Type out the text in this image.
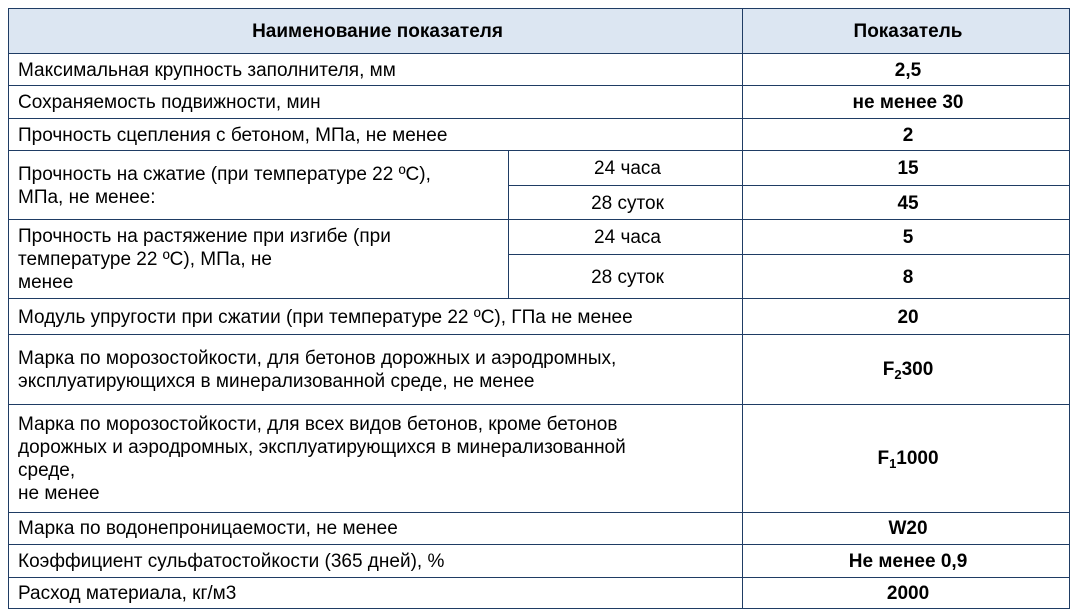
Наименование показателя		Показатель
Максимальная крупность заполнителя, мм		2,5
Сохраняемость подвижности, мин		не менее 30
Прочность сцепления с бетоном, МПа, не менее		2
Прочность на сжатие (при температуре 22 ºС),
МПа, не менее:	24 часа	15
	28 суток	45
Прочность на растяжение при изгибе (при
температуре 22 ºС), МПа, не
менее	24 часа	5
	28 суток	8
Модуль упругости при сжатии (при температуре 22 ºС), ГПа не менее		20
Марка по морозостойкости, для бетонов дорожных и аэродромных,
эксплуатирующихся в минерализованной среде, не менее		$F_2300$
Марка по морозостойкости, для всех видов бетонов, кроме бетонов
дорожных и аэродромных, эксплуатирующихся в минерализованной
среде,
не менее		$F_11000$
Марка по водонепроницаемости, не менее		W20
Коэффициент сульфатостойкости (365 дней), %		Не менее 0,9
Расход материала, кг/м3		2000
